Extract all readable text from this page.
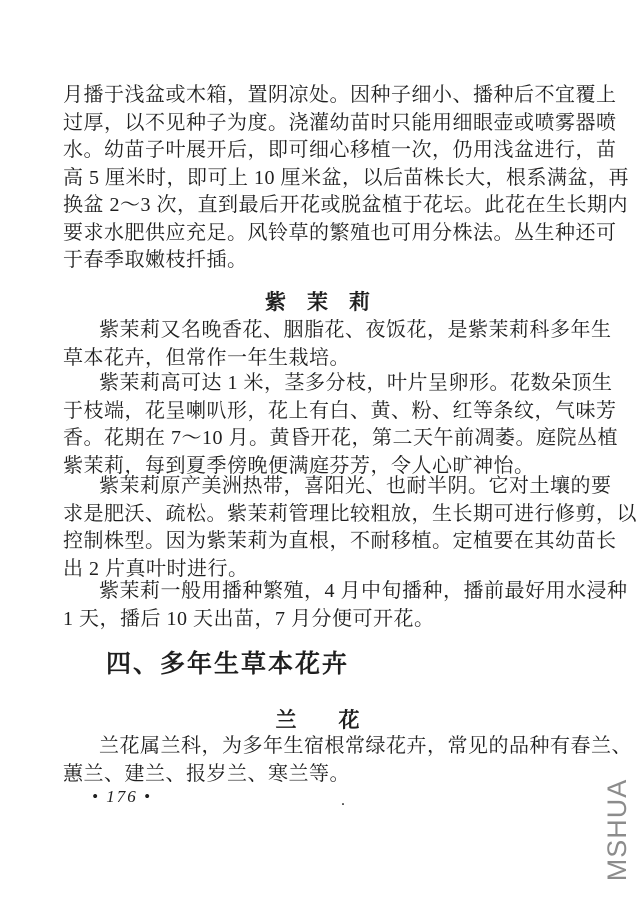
月播于浅盆或木箱，置阴凉处。因种子细小、播种后不宜覆上
过厚，以不见种子为度。浇灌幼苗时只能用细眼壶或喷雾器喷
水。幼苗子叶展开后，即可细心移植一次，仍用浅盆进行，苗
高 5 厘米时，即可上 10 厘米盆，以后苗株长大，根系满盆，再
换盆 2～3 次，直到最后开花或脱盆植于花坛。此花在生长期内
要求水肥供应充足。风铃草的繁殖也可用分株法。丛生种还可
于春季取嫩枝扦插。
紫　茉　莉
紫茉莉又名晚香花、胭脂花、夜饭花，是紫茉莉科多年生
草本花卉，但常作一年生栽培。
紫茉莉高可达 1 米，茎多分枝，叶片呈卵形。花数朵顶生
于枝端，花呈喇叭形，花上有白、黄、粉、红等条纹，气味芳
香。花期在 7～10 月。黄昏开花，第二天午前凋萎。庭院丛植
紫茉莉，每到夏季傍晚便满庭芬芳，令人心旷神怡。
紫茉莉原产美洲热带，喜阳光、也耐半阴。它对土壤的要
求是肥沃、疏松。紫茉莉管理比较粗放，生长期可进行修剪，以
控制株型。因为紫茉莉为直根，不耐移植。定植要在其幼苗长
出 2 片真叶时进行。
紫茉莉一般用播种繁殖，4 月中旬播种，播前最好用水浸种
1 天，播后 10 天出苗，7 月分便可开花。
四、多年生草本花卉
兰　　花
兰花属兰科，为多年生宿根常绿花卉，常见的品种有春兰、
蕙兰、建兰、报岁兰、寒兰等。
• 176 •	.	MSHUA
